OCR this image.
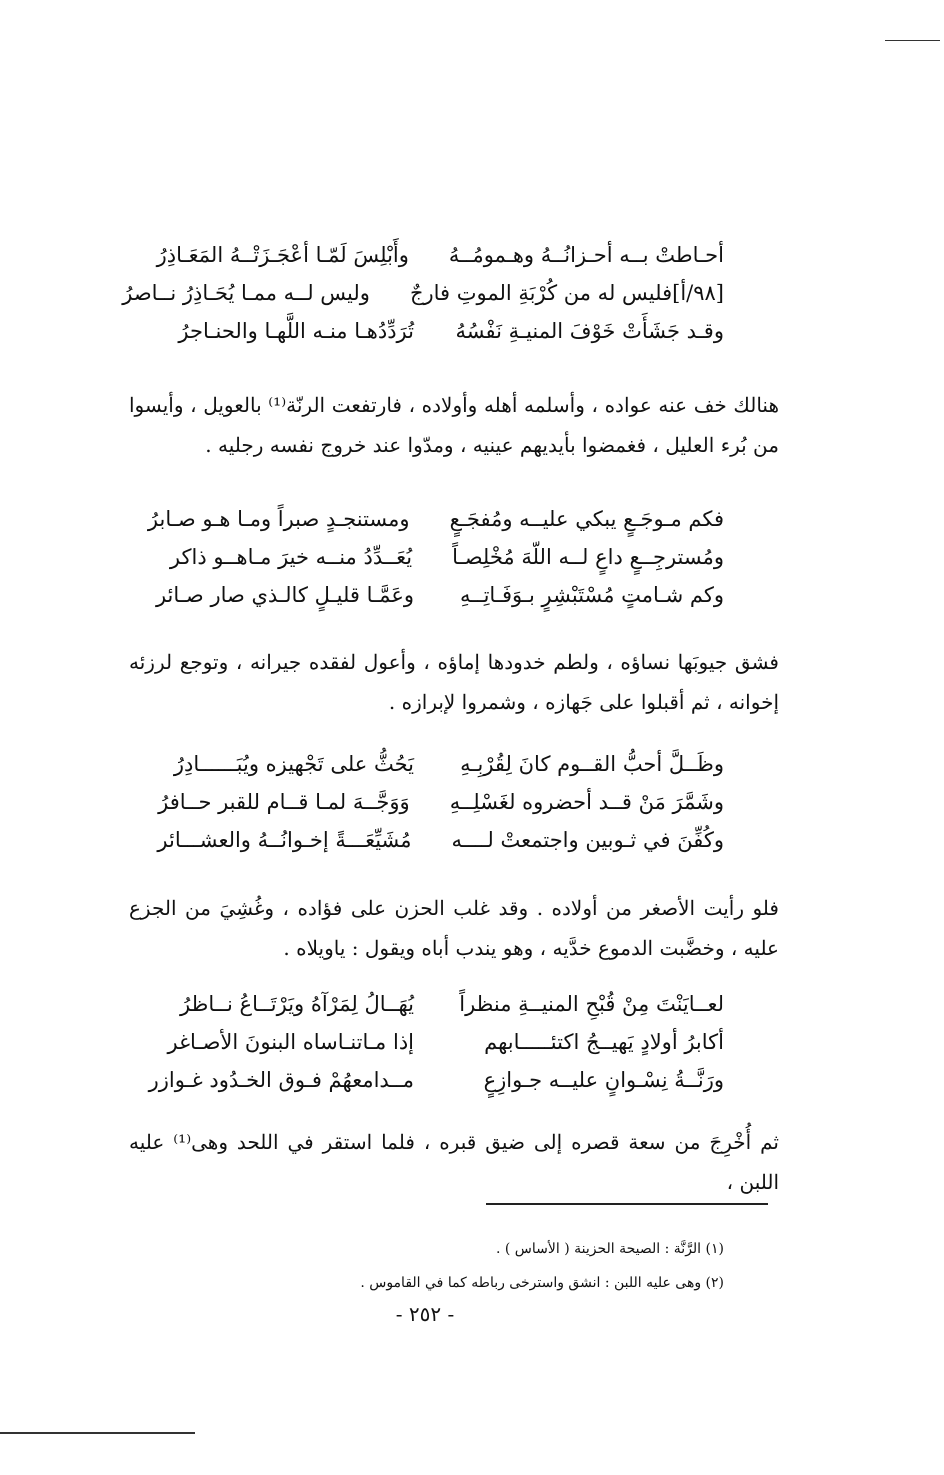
أحـاطتْ بــه أحـزانُــهُ وهـمومُــهُ
وأَبْلِسَ لَمّـا أعْجَـزَتْــهُ المَعَـاذِرُ
[٩٨/أ]فليس له من كُرْبَةِ الموتِ فارجٌ
وليس لــه ممـا يُحَـاذِرُ نــاصرُ
وقـد جَشَأَتْ خَوْفَ المنيـةِ نَفْسُهُ
تُرَدِّدُهـا منـه اللَّهـا والحنـاجرُ

هنالك خف عنه عواده ، وأسلمه أهله وأولاده ، فارتفعت الرنّة⁽¹⁾ بالعويل ، وأيسوا من بُرء العليل ، فغمضوا بأيديهم عينيه ، ومدّوا عند خروج نفسه رجليه .

فكم مـوجَـعٍ يبكي عليــه ومُفجَـعٍ
ومستنجـدٍ صبراً ومـا هـو صـابرُ
ومُسترجِــعٍ داعٍ لــه اللّهَ مُخْلِصـاً
يُعَــدِّدُ منــه خيرَ مـاهــو ذاكر
وكم شـامتٍ مُسْتَبْشِرٍ بـوَفَـاتِــهِ
وعَمَّـا قليـلٍ كالـذي صار صـائر

فشق جيوبَها نساؤه ، ولطم خدودها إماؤه ، وأعول لفقده جيرانه ، وتوجع لرزئه إخوانه ، ثم أقبلوا على جَهازه ، وشمروا لإبرازه .

وظَــلَّ أحبُّ القــوم كانَ لِقُرْبِـهِ
يَحُثُّ على تَجْهيزه ويُبَــــــادِرُ
وشَمَّرَ مَنْ قــد أحضروه لغَسْلِــهِ
وَوَجَّــهَ لمـا قــام للقبر حــافرُ
وكُفِّنَ في ثـوبين واجتمعتْ لــــه
مُشَيِّعَـــةً إخـوانُــهُ والعشـــائر

فلو رأيت الأصغر من أولاده . وقد غلب الحزن على فؤاده ، وغُشِيَ من الجزع عليه ، وخضَّبت الدموع خدَّيه ، وهو يندب أباه ويقول : ياويلاه .

لعــايَنْتَ مِنْ قُبْحِ المنيــةِ منظراً
يُهَــالُ لِمَرْآهُ ويَرْتَــاعُ نــاظرُ
أكابرُ أولادٍ يَهيــجُ اكتئـــــابهم
إذا مـاتنـاساه البنونَ الأصـاغر
ورَنَّــةُ نِسْـوانٍ عليــه جـوازِعٍ
مــدامعهُمْ فـوق الخـدُود غـوازر

ثم أُخْرِجَ من سعة قصره إلى ضيق قبره ، فلما استقر في اللحد وهى⁽¹⁾ عليه اللبن ،

(١) الرَّنَّة : الصيحة الحزينة ( الأساس ) .
(٢) وهى عليه اللبن : انشق واسترخى رباطه كما في القاموس .
- ٢٥٢ -
